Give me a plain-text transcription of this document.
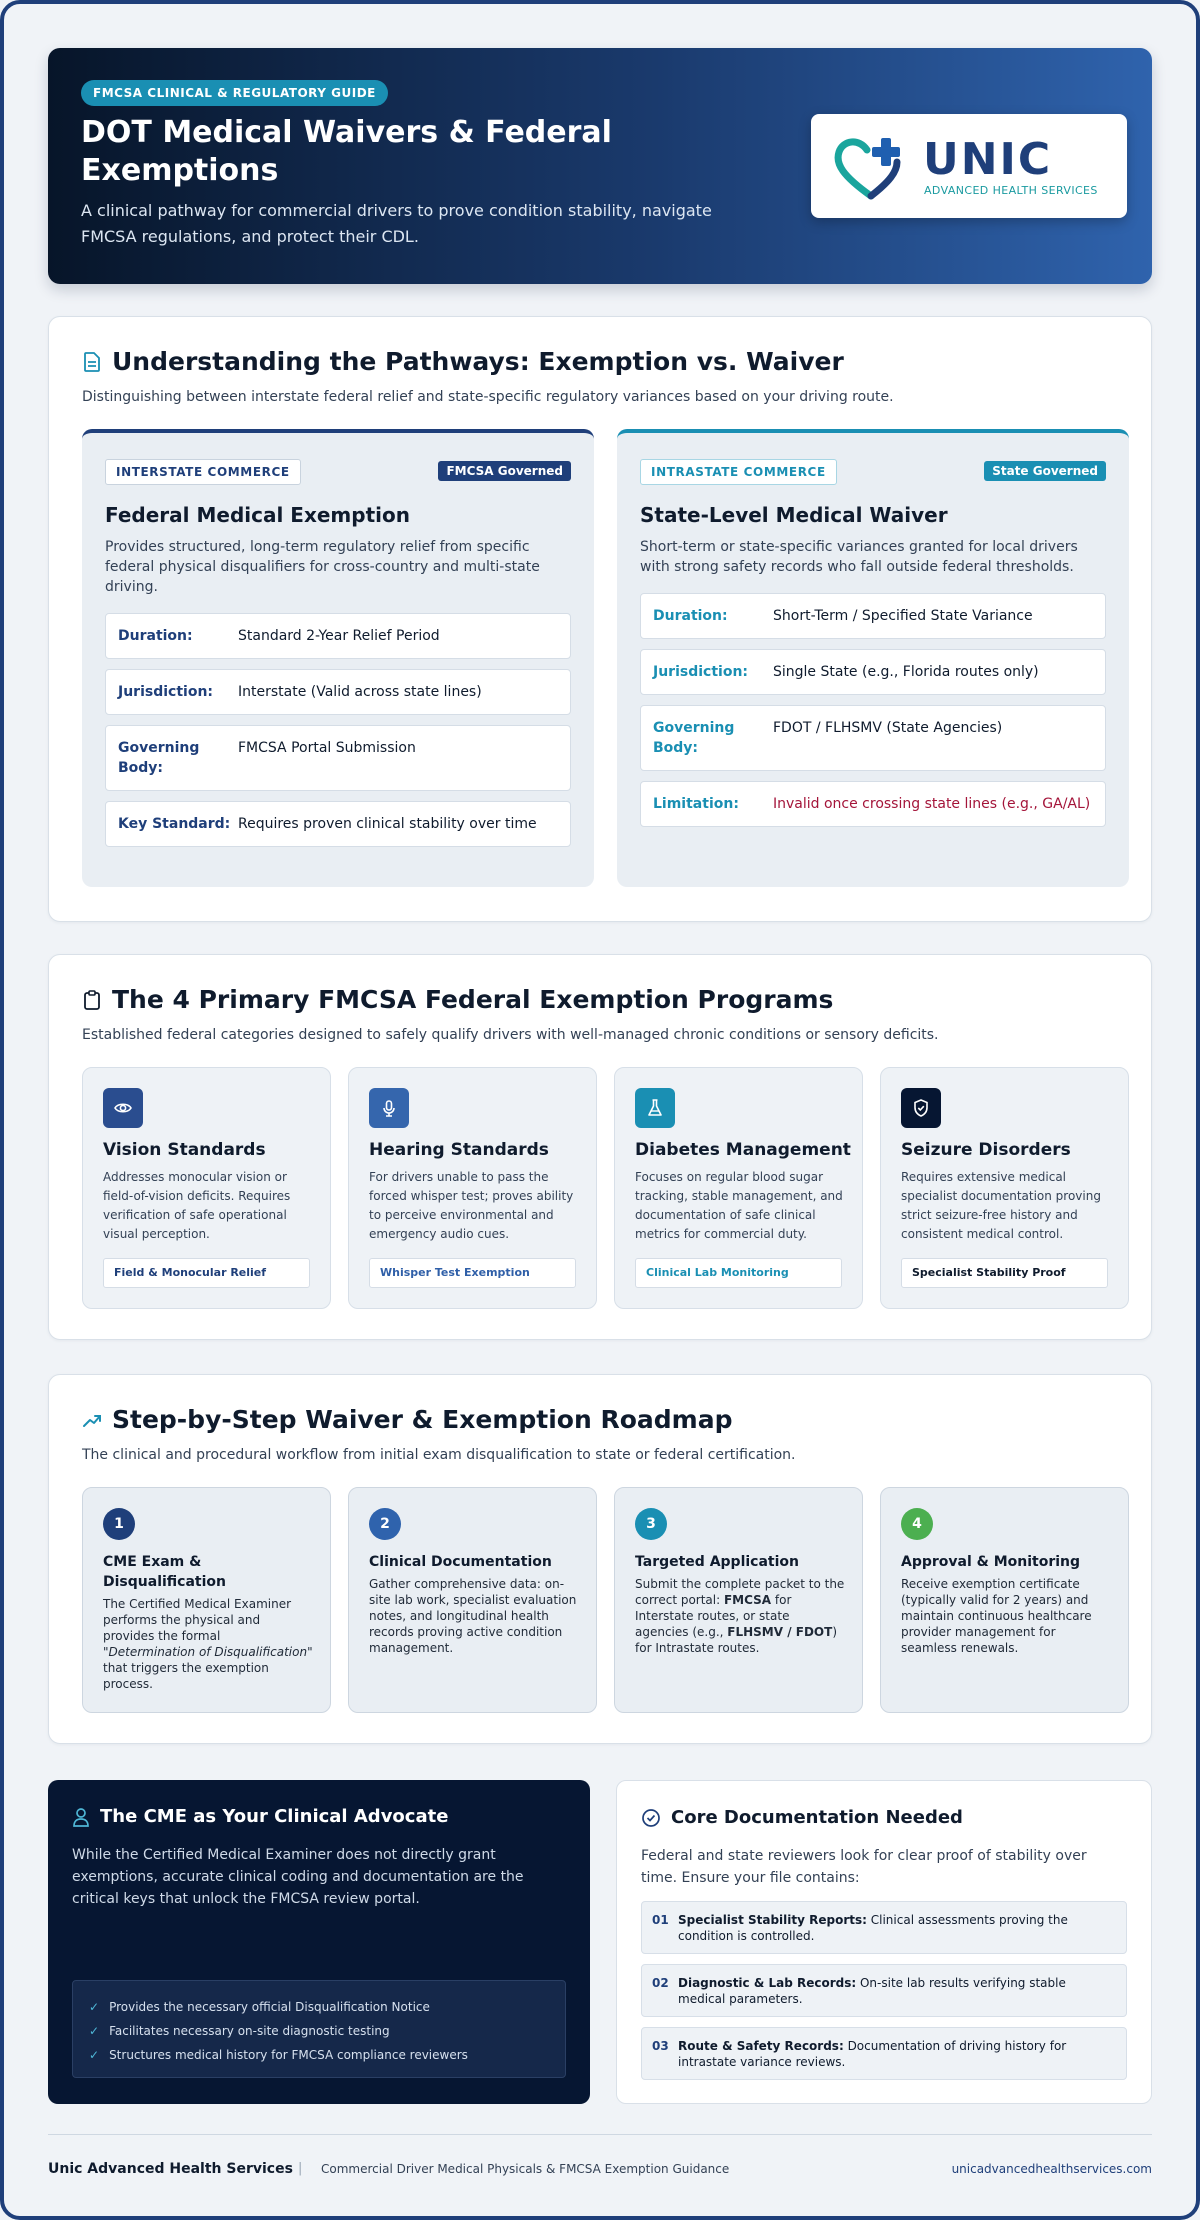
FMCSA CLINICAL & REGULATORY GUIDE
DOT Medical Waivers & Federal Exemptions
A clinical pathway for commercial drivers to prove condition stability, navigate FMCSA regulations, and protect their CDL.
UNIC
ADVANCED HEALTH SERVICES
Understanding the Pathways: Exemption vs. Waiver
Distinguishing between interstate federal relief and state-specific regulatory variances based on your driving route.
INTERSTATE COMMERCE	FMCSA Governed
Federal Medical Exemption
Provides structured, long-term regulatory relief from specific federal physical disqualifiers for cross-country and multi-state driving.
Duration:	Standard 2-Year Relief Period
Jurisdiction:	Interstate (Valid across state lines)
Governing Body:
FMCSA Portal Submission
Key Standard: Requires proven clinical stability over time
INTRASTATE COMMERCE	State Governed
State-Level Medical Waiver
Short-term or state-specific variances granted for local drivers with strong safety records who fall outside federal thresholds.
Duration:	Short-Term / Specified State Variance
Jurisdiction:	Single State (e.g., Florida routes only)
Governing Body:
FDOT / FLHSMV (State Agencies)
Limitation:	Invalid once crossing state lines (e.g., GA/AL)
The 4 Primary FMCSA Federal Exemption Programs
Established federal categories designed to safely qualify drivers with well-managed chronic conditions or sensory deficits.
Vision Standards
Addresses monocular vision or field-of-vision deficits. Requires verification of safe operational visual perception.
Field & Monocular Relief
Hearing Standards
For drivers unable to pass the forced whisper test; proves ability to perceive environmental and emergency audio cues.
Whisper Test Exemption
Diabetes Management
Focuses on regular blood sugar tracking, stable management, and documentation of safe clinical metrics for commercial duty.
Clinical Lab Monitoring
Seizure Disorders
Requires extensive medical specialist documentation proving strict seizure-free history and consistent medical control.
Specialist Stability Proof
Step-by-Step Waiver & Exemption Roadmap
The clinical and procedural workflow from initial exam disqualification to state or federal certification.
1
CME Exam & Disqualification
The Certified Medical Examiner performs the physical and provides the formal "Determination of Disqualification" that triggers the exemption process.
2
Clinical Documentation
Gather comprehensive data: on-site lab work, specialist evaluation notes, and longitudinal health records proving active condition management.
3
Targeted Application
Submit the complete packet to the correct portal: FMCSA for Interstate routes, or state agencies (e.g., FLHSMV / FDOT) for Intrastate routes.
4
Approval & Monitoring
Receive exemption certificate (typically valid for 2 years) and maintain continuous healthcare provider management for seamless renewals.
The CME as Your Clinical Advocate
While the Certified Medical Examiner does not directly grant exemptions, accurate clinical coding and documentation are the critical keys that unlock the FMCSA review portal.
✓ Provides the necessary official Disqualification Notice
✓ Facilitates necessary on-site diagnostic testing
✓ Structures medical history for FMCSA compliance reviewers
Core Documentation Needed
Federal and state reviewers look for clear proof of stability over time. Ensure your file contains:
01 Specialist Stability Reports: Clinical assessments proving the condition is controlled.
02 Diagnostic & Lab Records: On-site lab results verifying stable medical parameters.
03 Route & Safety Records: Documentation of driving history for intrastate variance reviews.
Unic Advanced Health Services | Commercial Driver Medical Physicals & FMCSA Exemption Guidance	unicadvancedhealthservices.com
